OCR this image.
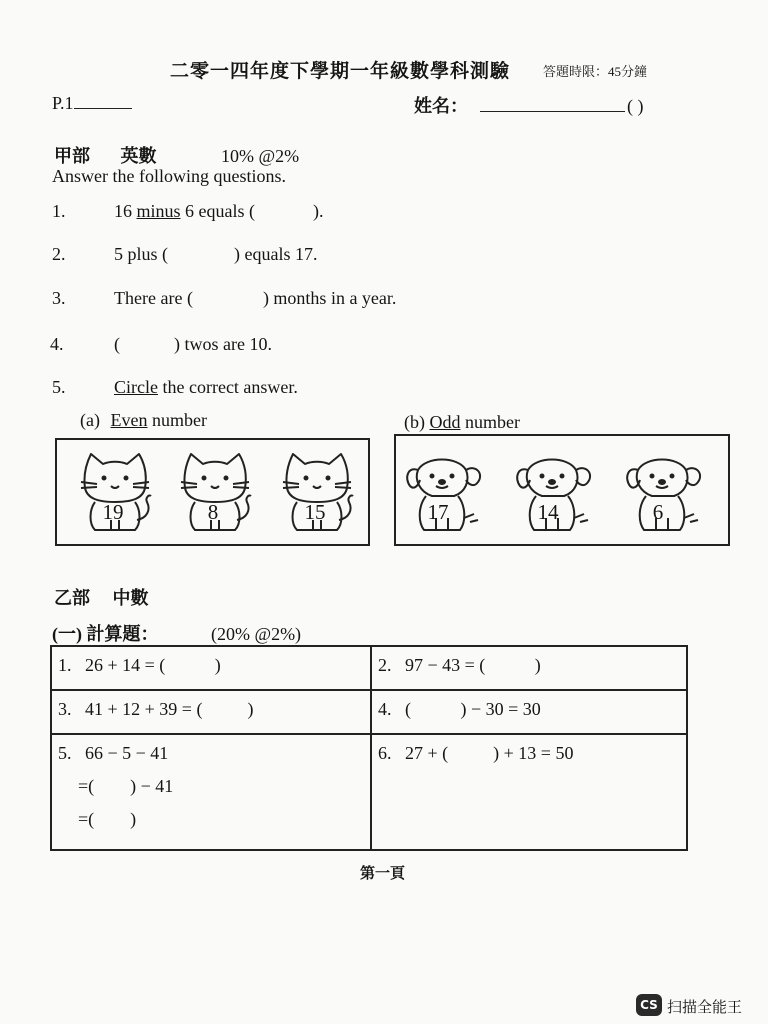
二零一四年度下學期一年級數學科測驗	答題時限：45分鐘
P.1	姓名：	( )
甲部 英數	10% @2%
Answer the following questions.
1.	16 minus 6 equals (	).
2.	5 plus (	) equals 17.
3.	There are (	) months in a year.
4.	(	) twos are 10.
5.	Circle the correct answer.
(a) Even number	(b) Odd number
19	8	15	17	14	6
乙部 中數
(一) 計算題：	(20% @2%)
1. 26 + 14 = (           )	2. 97 − 43 = (           )
3. 41 + 12 + 39 = (          )	4. (           ) − 30 = 30
5. 66 − 5 − 41
=(        ) − 41
=(        )	6. 27 + (          ) + 13 = 50
第一頁
CS 扫描全能王
